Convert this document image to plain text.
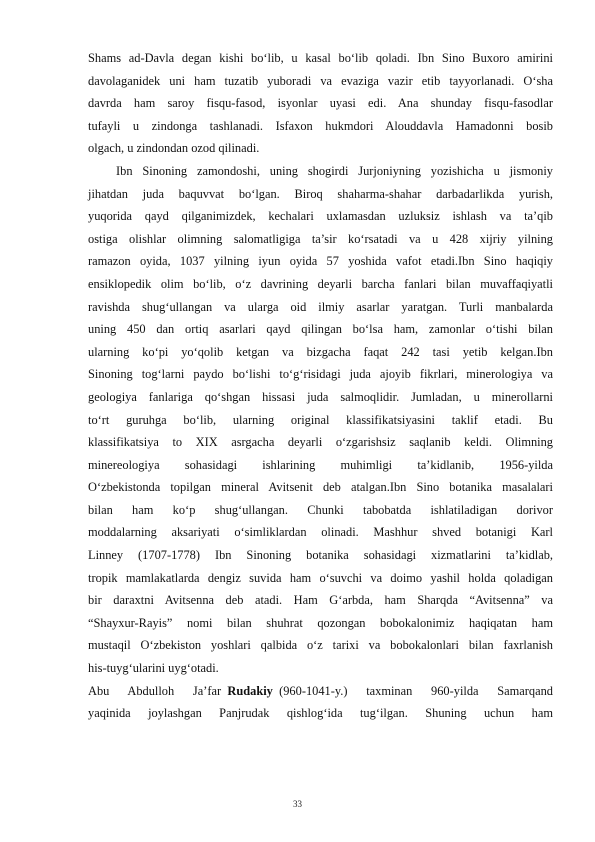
Shams ad-Davla degan kishi bo‘lib, u kasal bo‘lib qoladi. Ibn Sino Buxoro amirini
davolaganidek uni ham tuzatib yuboradi va evaziga vazir etib tayyorlanadi. O‘sha
davrda ham saroy fisqu-fasod, isyonlar uyasi edi. Ana shunday fisqu-fasodlar
tufayli u zindonga tashlanadi. Isfaxon hukmdori Alouddavla Hamadonni bosib
olgach, u zindondan ozod qilinadi.
Ibn Sinoning zamondoshi, uning shogirdi Jurjoniyning yozishicha u jismoniy
jihatdan juda baquvvat bo‘lgan. Biroq shaharma-shahar darbadarlikda yurish,
yuqorida qayd qilganimizdek, kechalari uxlamasdan uzluksiz ishlash va ta’qib
ostiga olishlar olimning salomatligiga ta’sir ko‘rsatadi va u 428 xijriy yilning
ramazon oyida, 1037 yilning iyun oyida 57 yoshida vafot etadi.Ibn Sino haqiqiy
ensiklopedik olim bo‘lib, o‘z davrining deyarli barcha fanlari bilan muvaffaqiyatli
ravishda shug‘ullangan va ularga oid ilmiy asarlar yaratgan. Turli manbalarda
uning 450 dan ortiq asarlari qayd qilingan bo‘lsa ham, zamonlar o‘tishi bilan
ularning ko‘pi yo‘qolib ketgan va bizgacha faqat 242 tasi yetib kelgan.Ibn
Sinoning tog‘larni paydo bo‘lishi to‘g‘risidagi juda ajoyib fikrlari, minerologiya va
geologiya fanlariga qo‘shgan hissasi juda salmoqlidir. Jumladan, u minerollarni
to‘rt guruhga bo‘lib, ularning original klassifikatsiyasini taklif etadi. Bu
klassifikatsiya to XIX asrgacha deyarli o‘zgarishsiz saqlanib keldi. Olimning
minereologiya sohasidagi ishlarining muhimligi ta’kidlanib, 1956-yilda
O‘zbekistonda topilgan mineral Avitsenit deb atalgan.Ibn Sino botanika masalalari
bilan ham ko‘p shug‘ullangan. Chunki tabobatda ishlatiladigan dorivor
moddalarning aksariyati o‘simliklardan olinadi. Mashhur shved botanigi Karl
Linney (1707-1778) Ibn Sinoning botanika sohasidagi xizmatlarini ta’kidlab,
tropik mamlakatlarda dengiz suvida ham o‘suvchi va doimo yashil holda qoladigan
bir daraxtni Avitsenna deb atadi. Ham G‘arbda, ham Sharqda “Avitsenna” va
“Shayxur-Rayis” nomi bilan shuhrat qozongan bobokalonimiz haqiqatan ham
mustaqil O‘zbekiston yoshlari qalbida o‘z tarixi va bobokalonlari bilan faxrlanish
his-tuyg‘ularini uyg‘otadi.
Abu   Abdulloh   Ja’far Rudakiy (960-1041-y.)   taxminan   960-yilda   Samarqand
yaqinida   joylashgan   Panjrudak   qishlog‘ida   tug‘ilgan.   Shuning   uchun   ham
33
